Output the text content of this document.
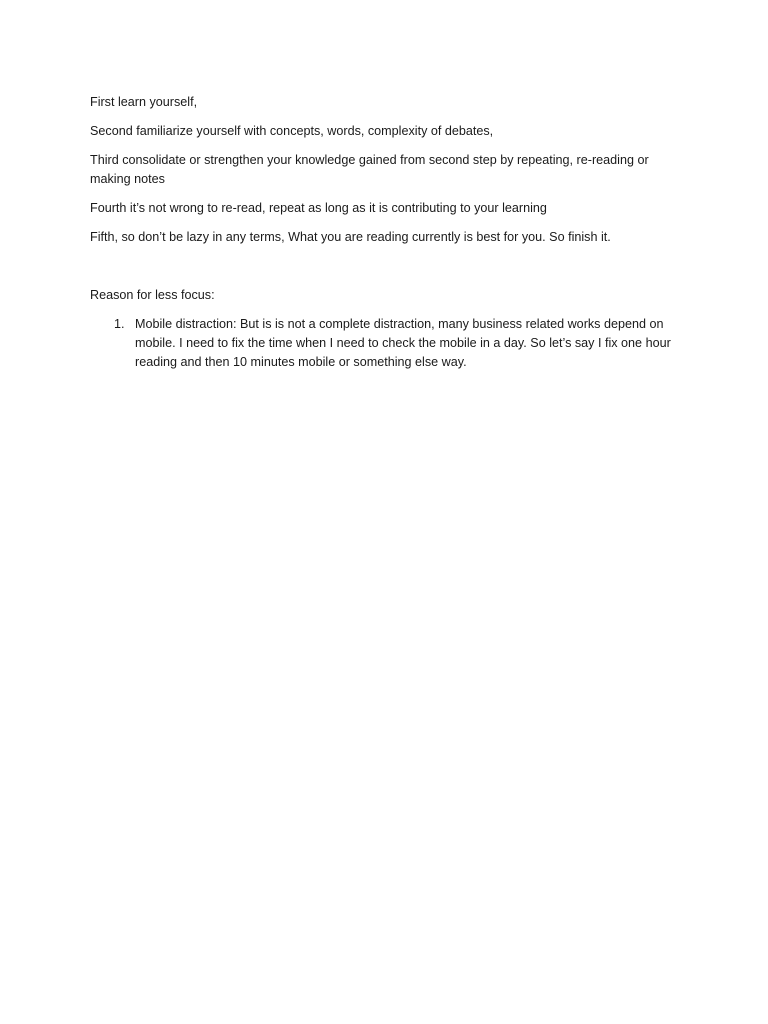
First learn yourself,

Second familiarize yourself with concepts, words, complexity of debates,

Third consolidate or strengthen your knowledge gained from second step by repeating, re-reading or making notes

Fourth it’s not wrong to re-read, repeat as long as it is contributing to your learning

Fifth, so don’t be lazy in any terms, What you are reading currently is best for you. So finish it.

Reason for less focus:

1. Mobile distraction: But is is not a complete distraction, many business related works depend on mobile. I need to fix the time when I need to check the mobile in a day. So let’s say I fix one hour reading and then 10 minutes mobile or something else way.
